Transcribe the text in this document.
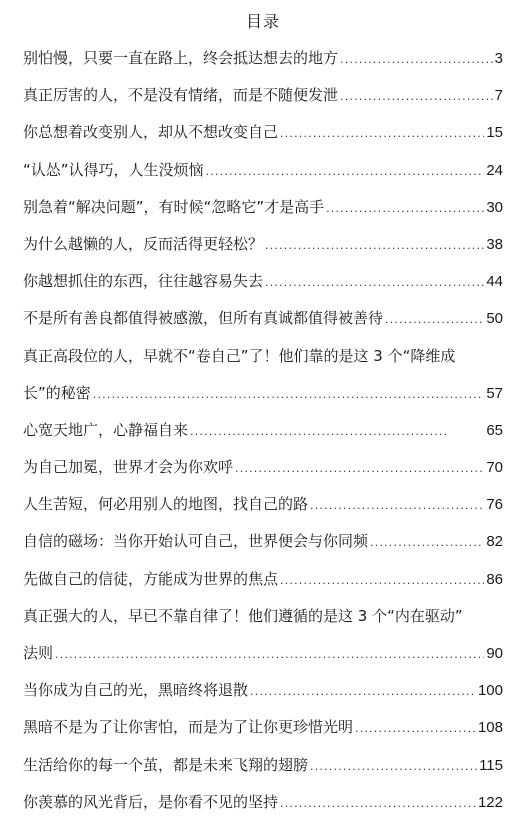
目录
别怕慢，只要一直在路上，终会抵达想去的地方 .....	3
真正厉害的人，不是没有情绪，而是不随便发泄 .....	7
你总想着改变别人，却从不想改变自己 .....	15
“认怂”认得巧，人生没烦恼 .....	24
别急着“解决问题”，有时候“忽略它”才是高手 .....	30
为什么越懒的人，反而活得更轻松？ .....	38
你越想抓住的东西，往往越容易失去 .....	44
不是所有善良都值得被感激，但所有真诚都值得被善待 .....	50
真正高段位的人，早就不“卷自己”了！他们靠的是这 3 个“降维成
长”的秘密 .....	57
心宽天地广，心静福自来 .....	65
为自己加冕，世界才会为你欢呼 .....	70
人生苦短，何必用别人的地图，找自己的路 .....	76
自信的磁场：当你开始认可自己，世界便会与你同频 .....	82
先做自己的信徒，方能成为世界的焦点 .....	86
真正强大的人，早已不靠自律了！他们遵循的是这 3 个“内在驱动”
法则 .....	90
当你成为自己的光，黑暗终将退散 .....	100
黑暗不是为了让你害怕，而是为了让你更珍惜光明 .....	108
生活给你的每一个茧，都是未来飞翔的翅膀 .....	115
你羡慕的风光背后，是你看不见的坚持 .....	122
